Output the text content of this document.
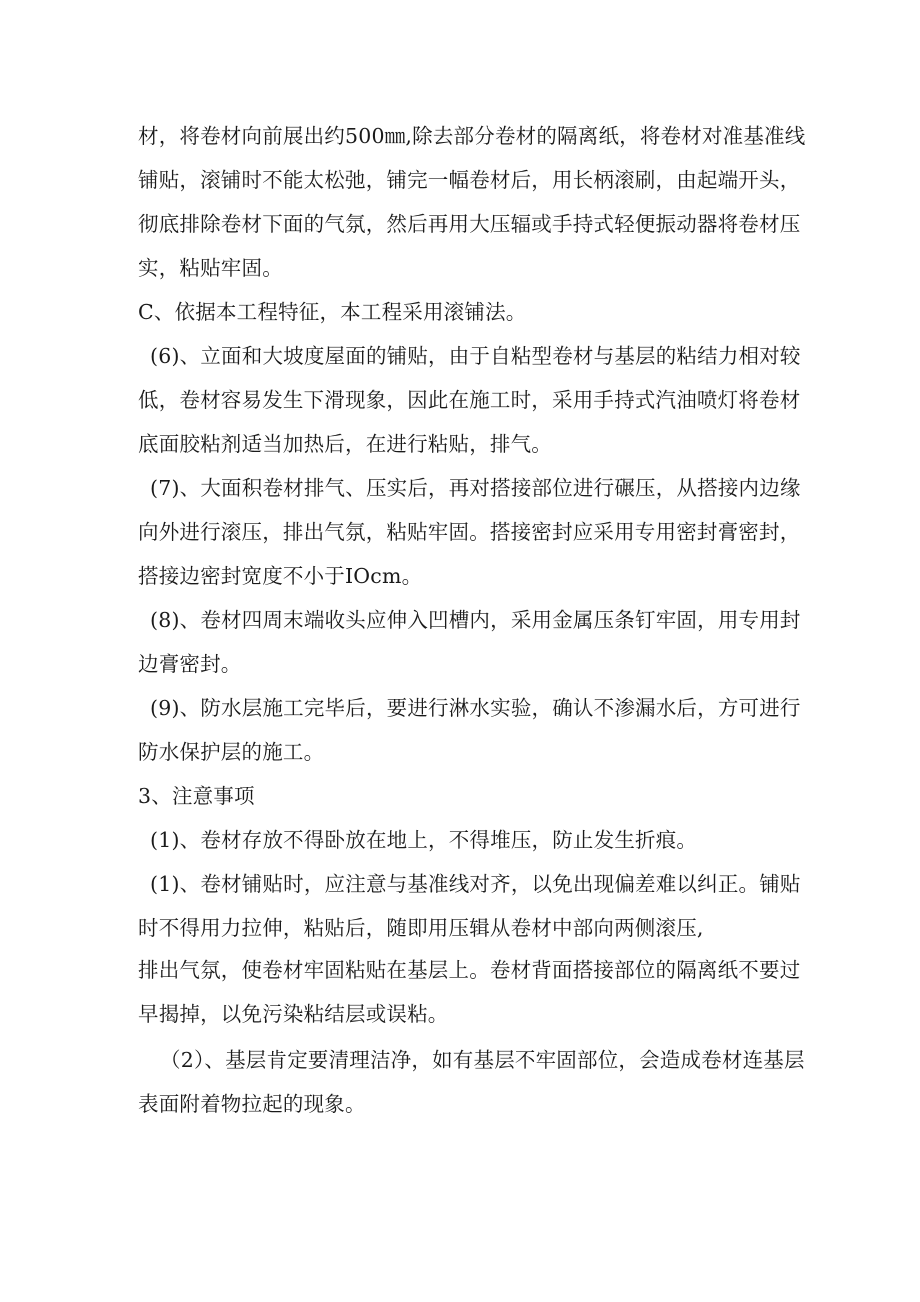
材，将卷材向前展出约500㎜,除去部分卷材的隔离纸，将卷材对准基准线
铺贴，滚铺时不能太松弛，铺完一幅卷材后，用长柄滚刷，由起端开头，
彻底排除卷材下面的气氛，然后再用大压辐或手持式轻便振动器将卷材压
实，粘贴牢固。
C、依据本工程特征，本工程采用滚铺法。
(6)、立面和大坡度屋面的铺贴，由于自粘型卷材与基层的粘结力相对较
低，卷材容易发生下滑现象，因此在施工时，采用手持式汽油喷灯将卷材
底面胶粘剂适当加热后，在进行粘贴，排气。
(7)、大面积卷材排气、压实后，再对搭接部位进行碾压，从搭接内边缘
向外进行滚压，排出气氛，粘贴牢固。搭接密封应采用专用密封膏密封，
搭接边密封宽度不小于IOcm。
(8)、卷材四周末端收头应伸入凹槽内，采用金属压条钉牢固，用专用封
边膏密封。
(9)、防水层施工完毕后，要进行淋水实验，确认不渗漏水后，方可进行
防水保护层的施工。
3、注意事项
(1)、卷材存放不得卧放在地上，不得堆压，防止发生折痕。
(1)、卷材铺贴时，应注意与基准线对齐，以免出现偏差难以纠正。铺贴
时不得用力拉伸，粘贴后，随即用压辑从卷材中部向两侧滚压,
排出气氛，使卷材牢固粘贴在基层上。卷材背面搭接部位的隔离纸不要过
早揭掉，以免污染粘结层或误粘。
（2）、基层肯定要清理洁净，如有基层不牢固部位，会造成卷材连基层
表面附着物拉起的现象。
